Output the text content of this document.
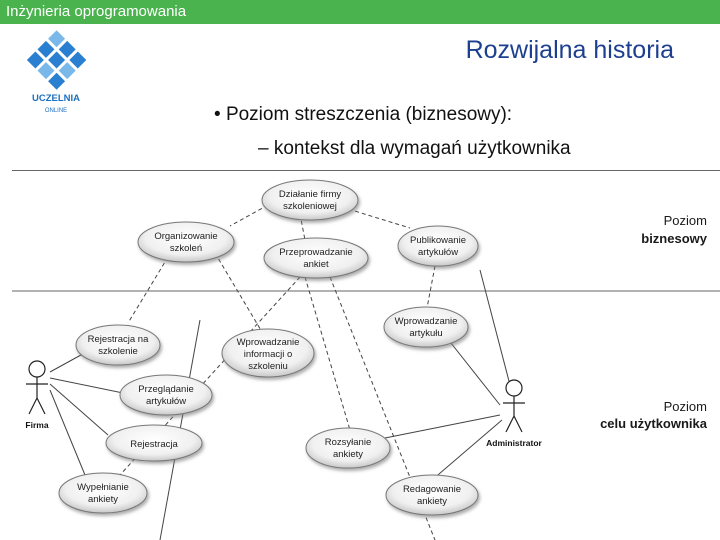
Inżynieria oprogramowania
UCZELNIA
ONLINE
Rozwijalna historia
• Poziom streszczenia (biznesowy):
– kontekst dla wymagań użytkownika
Działanie firmy
szkoleniowej
Organizowanie
szkoleń
Publikowanie
artykułów
Przeprowadzanie
ankiet
Rejestracja na
szkolenie
Wprowadzanie
informacji o
szkoleniu
Wprowadzanie
artykułu
Przeglądanie
artykułów
Rejestracja	Rozsyłanie
ankiety
Wypełnianie
ankiety
Redagowanie
ankiety
Firma
Administrator
Poziom
biznesowy
Poziom
celu użytkownika
